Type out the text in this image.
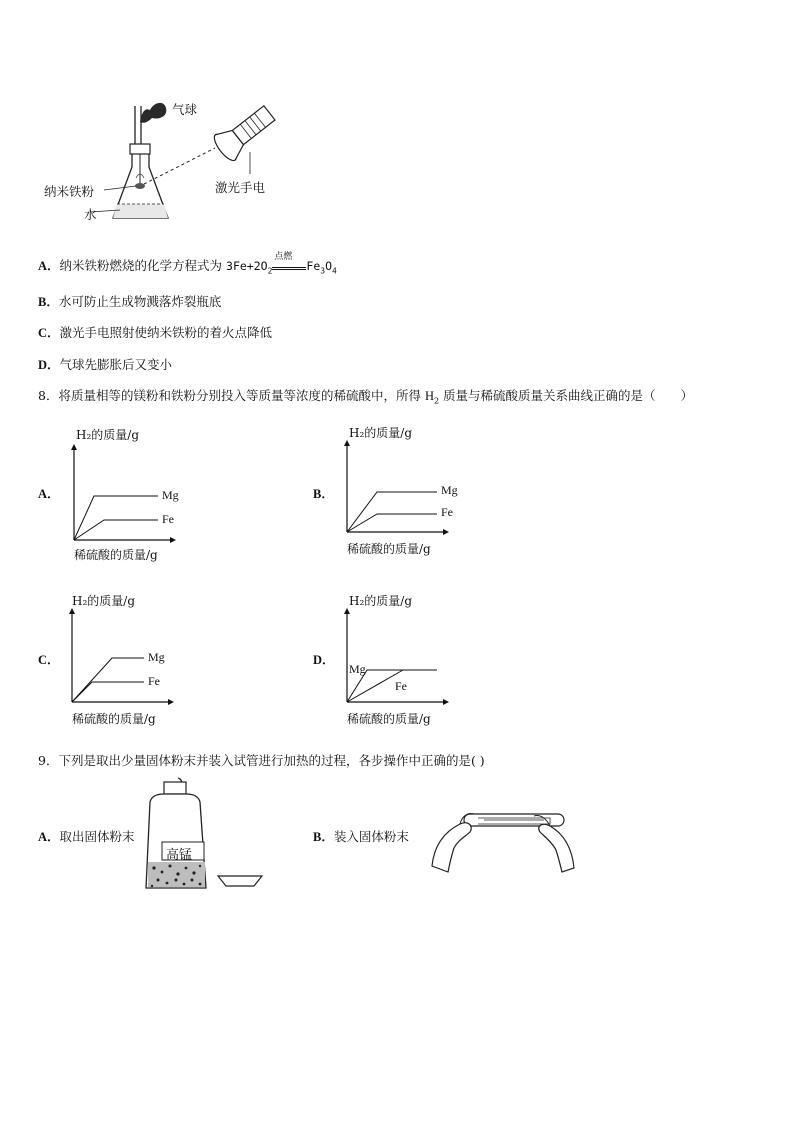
气球
纳米铁粉
水
激光手电
A．纳米铁粉燃烧的化学方程式为 $3Fe+2O_2$
点燃
$Fe_3O_4$
B．水可防止生成物溅落炸裂瓶底
C．激光手电照射使纳米铁粉的着火点降低
D．气球先膨胀后又变小
8．将质量相等的镁粉和铁粉分别投入等质量等浓度的稀硫酸中，所得 $H_2$ 质量与稀硫酸质量关系曲线正确的是（　　）
A．
H₂的质量/g
Mg
Fe
稀硫酸的质量/g
B．
H₂的质量/g
Mg
Fe
稀硫酸的质量/g
C．
H₂的质量/g
Mg
Fe
稀硫酸的质量/g
D．
H₂的质量/g
Mg
Fe
稀硫酸的质量/g
9．下列是取出少量固体粉末并装入试管进行加热的过程，各步操作中正确的是( )
A．取出固体粉末
高锰
B．装入固体粉末
